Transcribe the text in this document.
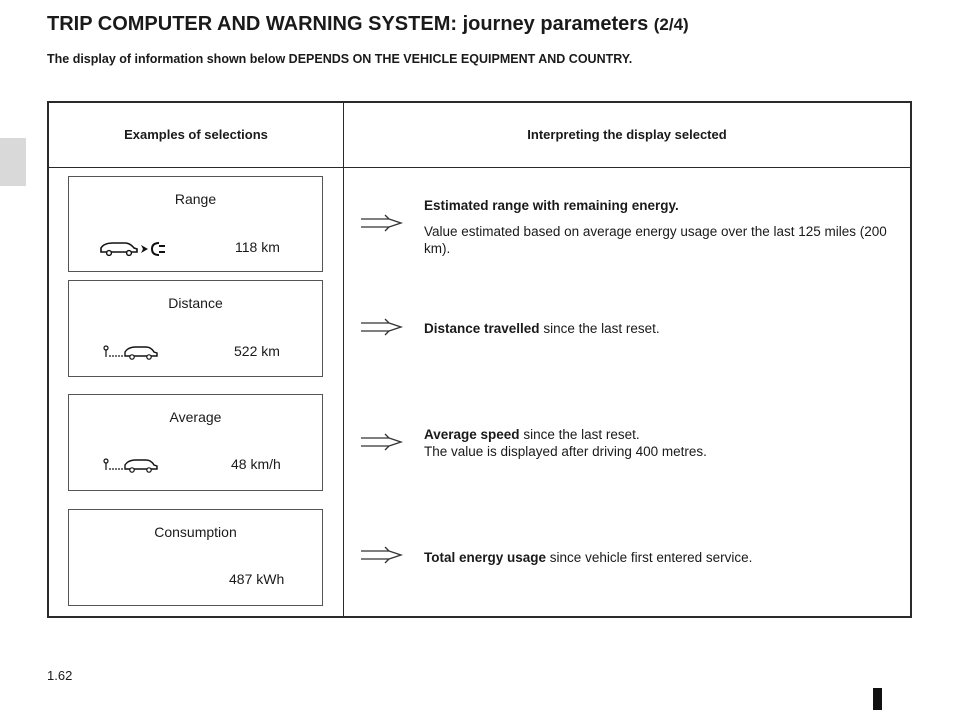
TRIP COMPUTER AND WARNING SYSTEM: journey parameters (2/4)
The display of information shown below DEPENDS ON THE VEHICLE EQUIPMENT AND COUNTRY.
Examples of selections	Interpreting the display selected
Range
118 km
Distance
522 km
Average
48 km/h
Consumption
487 kWh

Estimated range with remaining energy.

Value estimated based on average energy usage over the last 125 miles (200 km).

Distance travelled since the last reset.

Average speed since the last reset.

The value is displayed after driving 400 metres.

Total energy usage since vehicle first entered service.

1.62
